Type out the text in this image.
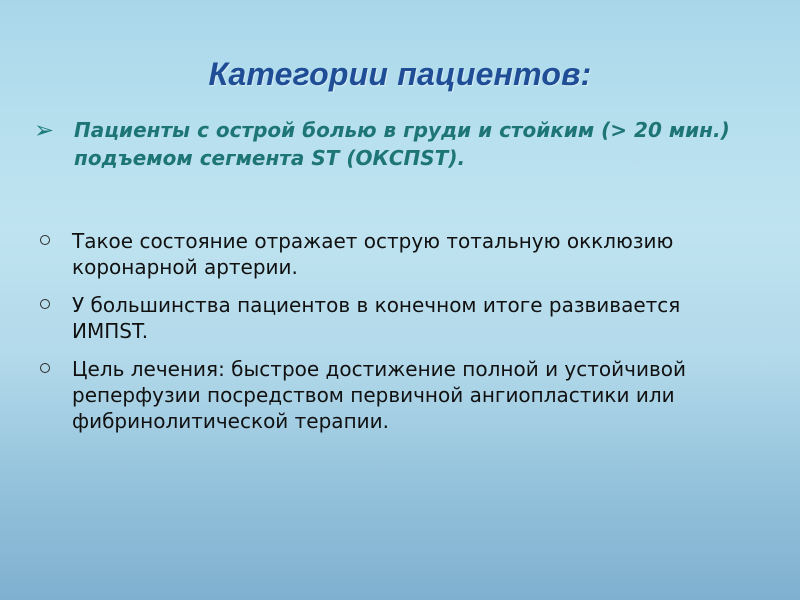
Категории пациентов:
➢ Пациенты с острой болью в груди и стойким (> 20 мин.) подъемом сегмента ST (ОКСПST).
Такое состояние отражает острую тотальную окклюзию коронарной артерии.
У большинства пациентов в конечном итоге развивается ИМПST.
Цель лечения: быстрое достижение полной и устойчивой реперфузии посредством первичной ангиопластики или фибринолитической терапии.
